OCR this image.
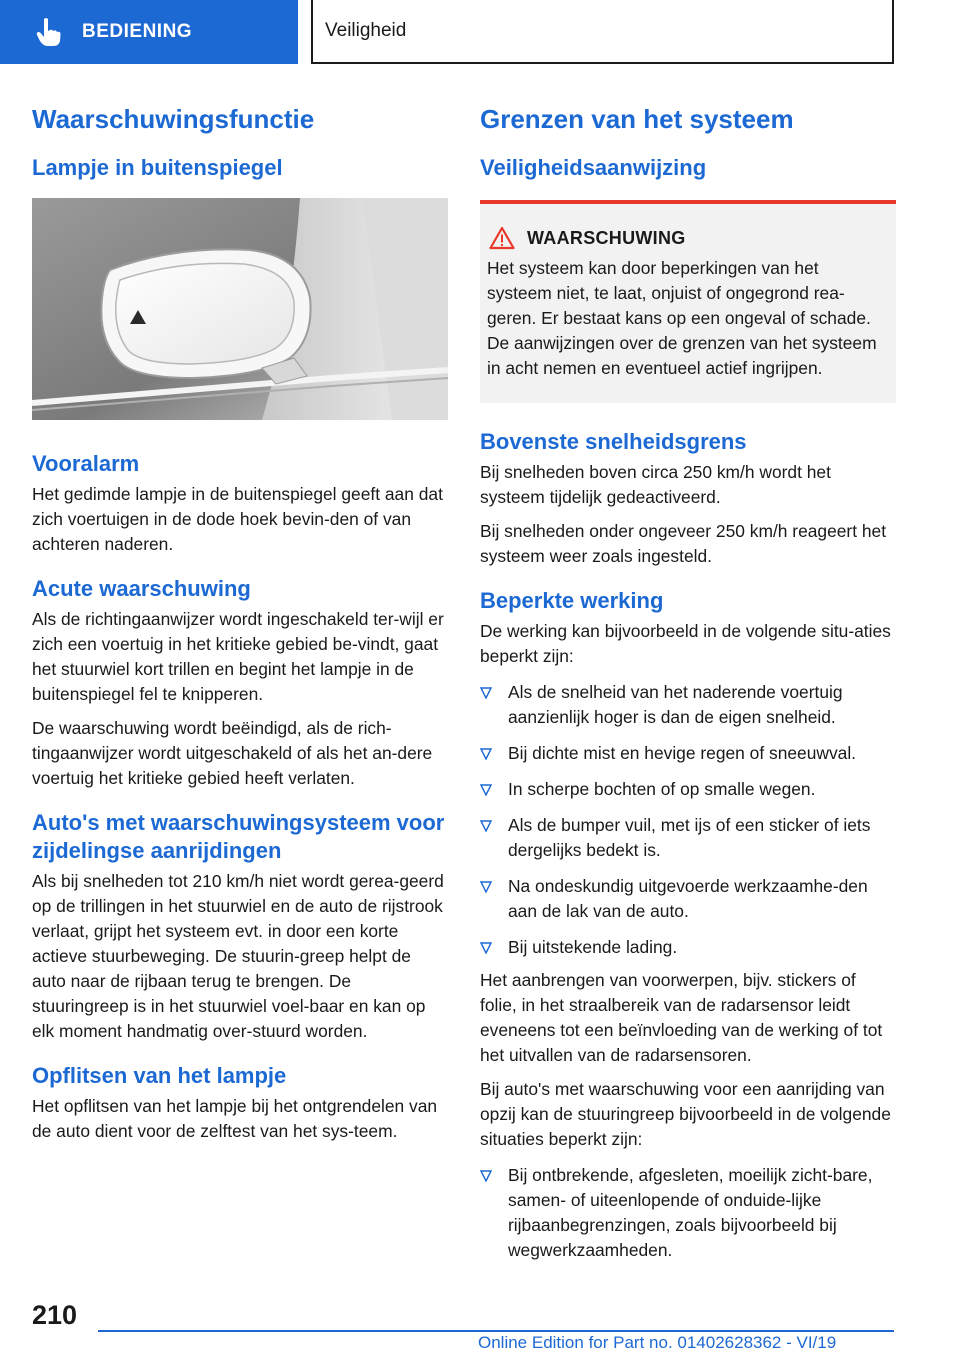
BEDIENING	Veiligheid
Waarschuwingsfunctie
Lampje in buitenspiegel
Vooralarm

Het gedimde lampje in de buitenspiegel geeft aan dat zich voertuigen in de dode hoek bevin-den of van achteren naderen.

Acute waarschuwing

Als de richtingaanwijzer wordt ingeschakeld ter-wijl er zich een voertuig in het kritieke gebied be-vindt, gaat het stuurwiel kort trillen en begint het lampje in de buitenspiegel fel te knipperen.

De waarschuwing wordt beëindigd, als de rich-tingaanwijzer wordt uitgeschakeld of als het an-dere voertuig het kritieke gebied heeft verlaten.

Auto's met waarschuwingsysteem voor zijdelingse aanrijdingen

Als bij snelheden tot 210 km/h niet wordt gerea-geerd op de trillingen in het stuurwiel en de auto de rijstrook verlaat, grijpt het systeem evt. in door een korte actieve stuurbeweging. De stuurin-greep helpt de auto naar de rijbaan terug te brengen. De stuuringreep is in het stuurwiel voel-baar en kan op elk moment handmatig over-stuurd worden.

Opflitsen van het lampje

Het opflitsen van het lampje bij het ontgrendelen van de auto dient voor de zelftest van het sys-teem.

Grenzen van het systeem
Veiligheidsaanwijzing
WAARSCHUWING

Het systeem kan door beperkingen van het systeem niet, te laat, onjuist of ongegrond rea-geren. Er bestaat kans op een ongeval of schade. De aanwijzingen over de grenzen van het systeem in acht nemen en eventueel actief ingrijpen.

Bovenste snelheidsgrens

Bij snelheden boven circa 250 km/h wordt het systeem tijdelijk gedeactiveerd.

Bij snelheden onder ongeveer 250 km/h reageert het systeem weer zoals ingesteld.

Beperkte werking

De werking kan bijvoorbeeld in de volgende situ-aties beperkt zijn:

Als de snelheid van het naderende voertuig aanzienlijk hoger is dan de eigen snelheid.
Bij dichte mist en hevige regen of sneeuwval.
In scherpe bochten of op smalle wegen.
Als de bumper vuil, met ijs of een sticker of iets dergelijks bedekt is.
Na ondeskundig uitgevoerde werkzaamhe-den aan de lak van de auto.
Bij uitstekende lading.

Het aanbrengen van voorwerpen, bijv. stickers of folie, in het straalbereik van de radarsensor leidt eveneens tot een beïnvloeding van de werking of tot het uitvallen van de radarsensoren.

Bij auto's met waarschuwing voor een aanrijding van opzij kan de stuuringreep bijvoorbeeld in de volgende situaties beperkt zijn:

Bij ontbrekende, afgesleten, moeilijk zicht-bare, samen- of uiteenlopende of onduide-lijke rijbaanbegrenzingen, zoals bijvoorbeeld bij wegwerkzaamheden.
210
Online Edition for Part no. 01402628362 - VI/19
